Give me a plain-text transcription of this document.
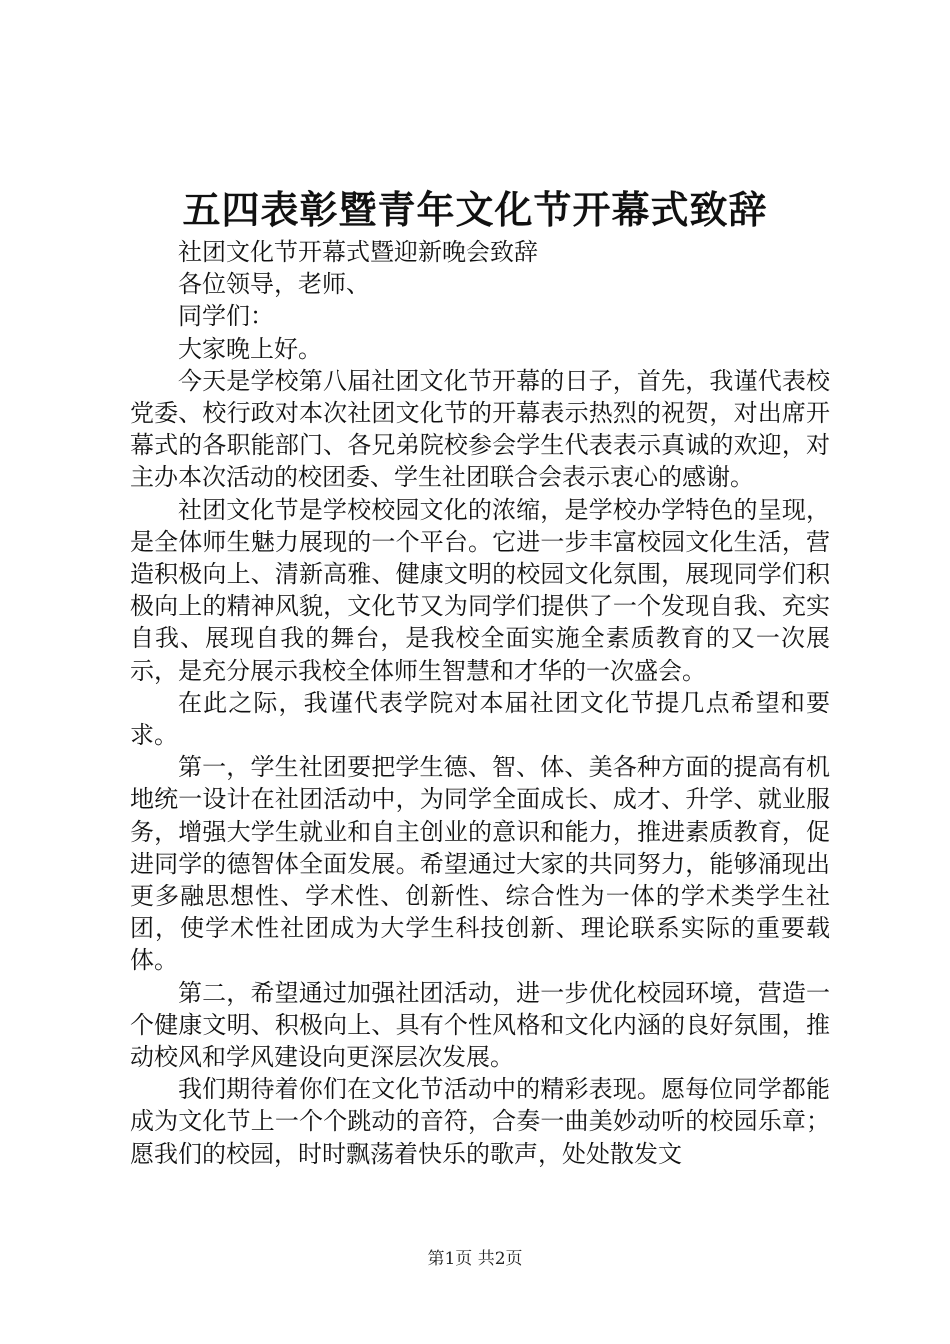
五四表彰暨青年文化节开幕式致辞

社团文化节开幕式暨迎新晚会致辞

各位领导，老师、

同学们：

大家晚上好。

今天是学校第八届社团文化节开幕的日子，首先，我谨代表校党委、校行政对本次社团文化节的开幕表示热烈的祝贺，对出席开幕式的各职能部门、各兄弟院校参会学生代表表示真诚的欢迎，对主办本次活动的校团委、学生社团联合会表示衷心的感谢。

社团文化节是学校校园文化的浓缩，是学校办学特色的呈现，是全体师生魅力展现的一个平台。它进一步丰富校园文化生活，营造积极向上、清新高雅、健康文明的校园文化氛围，展现同学们积极向上的精神风貌，文化节又为同学们提供了一个发现自我、充实自我、展现自我的舞台，是我校全面实施全素质教育的又一次展示，是充分展示我校全体师生智慧和才华的一次盛会。

在此之际，我谨代表学院对本届社团文化节提几点希望和要求。

第一，学生社团要把学生德、智、体、美各种方面的提高有机地统一设计在社团活动中，为同学全面成长、成才、升学、就业服务，增强大学生就业和自主创业的意识和能力，推进素质教育，促进同学的德智体全面发展。希望通过大家的共同努力，能够涌现出更多融思想性、学术性、创新性、综合性为一体的学术类学生社团，使学术性社团成为大学生科技创新、理论联系实际的重要载体。

第二，希望通过加强社团活动，进一步优化校园环境，营造一个健康文明、积极向上、具有个性风格和文化内涵的良好氛围，推动校风和学风建设向更深层次发展。

我们期待着你们在文化节活动中的精彩表现。愿每位同学都能成为文化节上一个个跳动的音符，合奏一曲美妙动听的校园乐章；愿我们的校园，时时飘荡着快乐的歌声，处处散发文

第1页 共2页
